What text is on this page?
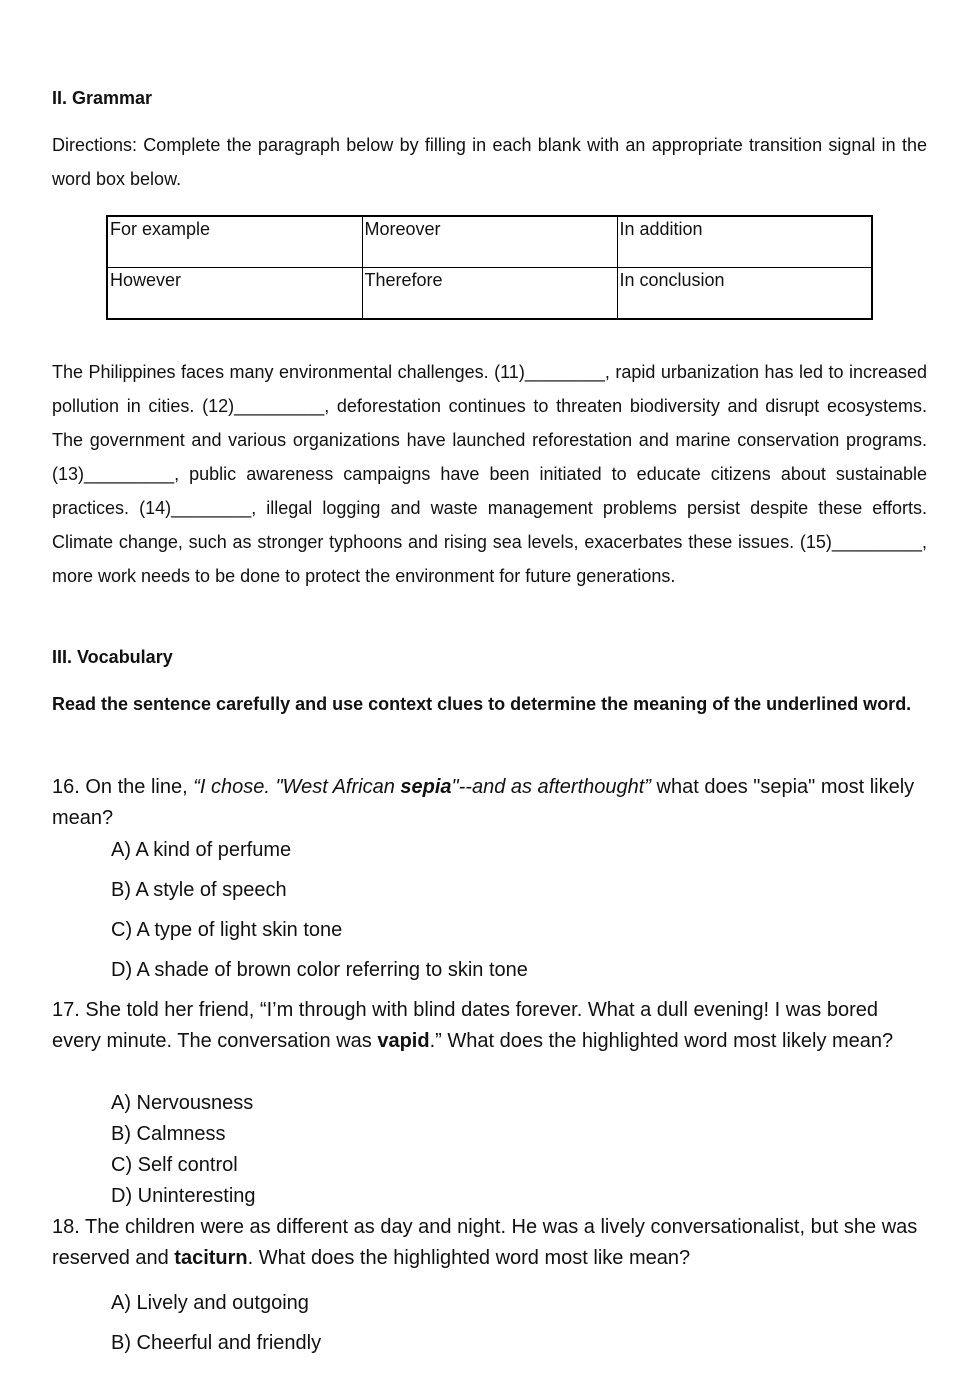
II. Grammar
Directions: Complete the paragraph below by filling in each blank with an appropriate transition signal in the word box below.
For example	Moreover	In addition
However	Therefore	In conclusion
The Philippines faces many environmental challenges. (11)________, rapid urbanization has led to increased pollution in cities. (12)_________, deforestation continues to threaten biodiversity and disrupt ecosystems. The government and various organizations have launched reforestation and marine conservation programs. (13)_________, public awareness campaigns have been initiated to educate citizens about sustainable practices. (14)________, illegal logging and waste management problems persist despite these efforts. Climate change, such as stronger typhoons and rising sea levels, exacerbates these issues. (15)_________, more work needs to be done to protect the environment for future generations.
III. Vocabulary
Read the sentence carefully and use context clues to determine the meaning of the underlined word.
16. On the line, “I chose. "West African sepia"--and as afterthought” what does "sepia" most likely mean?
A) A kind of perfume
B) A style of speech
C) A type of light skin tone
D) A shade of brown color referring to skin tone
17. She told her friend, “I’m through with blind dates forever. What a dull evening! I was bored every minute. The conversation was vapid.” What does the highlighted word most likely mean?
A) Nervousness
B) Calmness
C) Self control
D) Uninteresting
18. The children were as different as day and night. He was a lively conversationalist, but she was reserved and taciturn. What does the highlighted word most like mean?
A) Lively and outgoing
B) Cheerful and friendly
